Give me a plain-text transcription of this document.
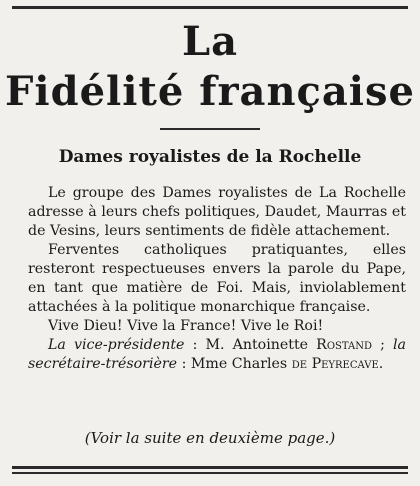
La
Fidélité française
Dames royalistes de la Rochelle

Le groupe des Dames royalistes de La Rochelle adresse à leurs chefs politiques, Daudet, Maurras et de Vesins, leurs sentiments de fidèle attachement.

Ferventes catholiques pratiquantes, elles resteront respectueuses envers la parole du Pape, en tant que matière de Foi. Mais, inviolablement attachées à la politique monarchique française.

Vive Dieu! Vive la France! Vive le Roi!

La vice-présidente : M. Antoinette Rostand ; la secrétaire-trésorière : Mme Charles de Peyrecave.

(Voir la suite en deuxième page.)
